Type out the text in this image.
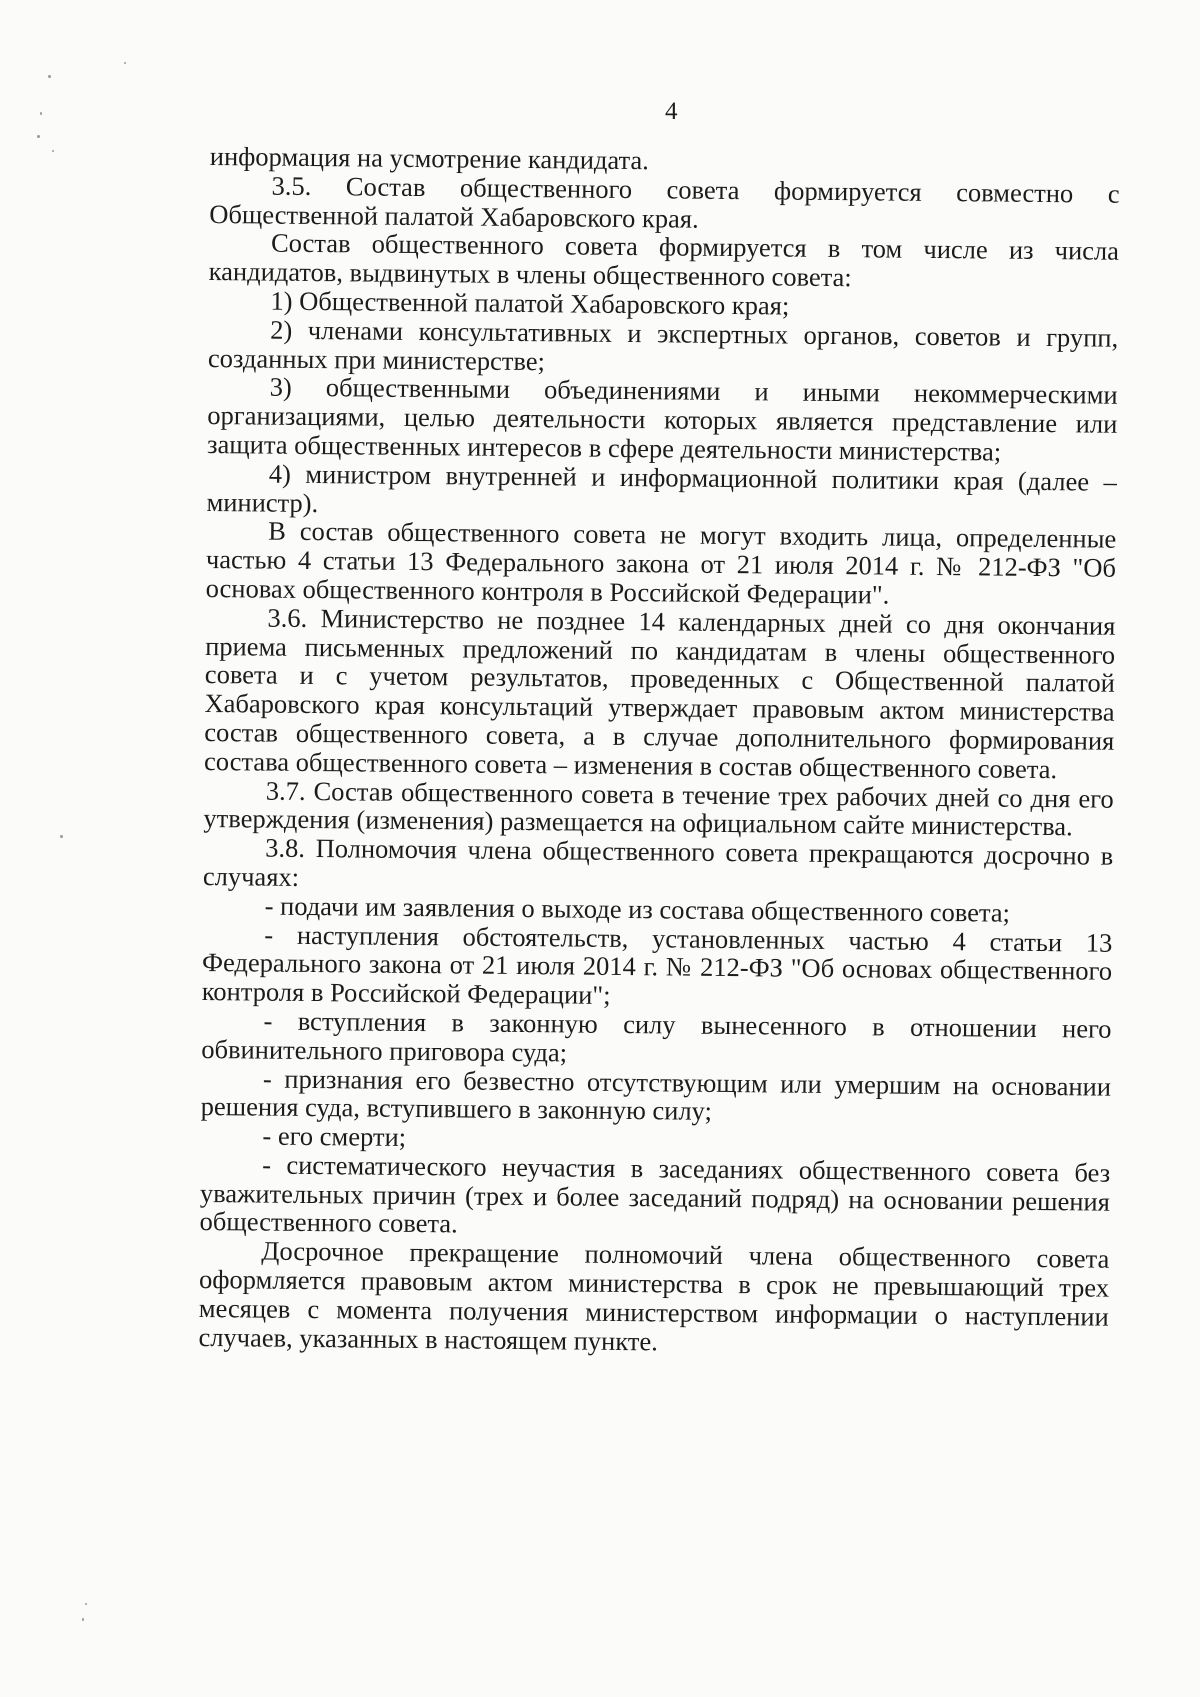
4

информация на усмотрение кандидата.

3.5. Состав общественного совета формируется совместно с Общественной палатой Хабаровского края.

Состав общественного совета формируется в том числе из числа кандидатов, выдвинутых в члены общественного совета:

1) Общественной палатой Хабаровского края;

2) членами консультативных и экспертных органов, советов и групп, созданных при министерстве;

3) общественными объединениями и иными некоммерческими организациями, целью деятельности которых является представление или защита общественных интересов в сфере деятельности министерства;

4) министром внутренней и информационной политики края (далее – министр).

В состав общественного совета не могут входить лица, определенные частью 4 статьи 13 Федерального закона от 21 июля 2014 г. № 212-ФЗ "Об основах общественного контроля в Российской Федерации".

3.6. Министерство не позднее 14 календарных дней со дня окончания приема письменных предложений по кандидатам в члены общественного совета и с учетом результатов, проведенных с Общественной палатой Хабаровского края консультаций утверждает правовым актом министерства состав общественного совета, а в случае дополнительного формирования состава общественного совета – изменения в состав общественного совета.

3.7. Состав общественного совета в течение трех рабочих дней со дня его утверждения (изменения) размещается на официальном сайте министерства.

3.8. Полномочия члена общественного совета прекращаются досрочно в случаях:

- подачи им заявления о выходе из состава общественного совета;

- наступления обстоятельств, установленных частью 4 статьи 13 Федерального закона от 21 июля 2014 г. № 212-ФЗ "Об основах общественного контроля в Российской Федерации";

- вступления в законную силу вынесенного в отношении него обвинительного приговора суда;

- признания его безвестно отсутствующим или умершим на основании решения суда, вступившего в законную силу;

- его смерти;

- систематического неучастия в заседаниях общественного совета без уважительных причин (трех и более заседаний подряд) на основании решения общественного совета.

Досрочное прекращение полномочий члена общественного совета оформляется правовым актом министерства в срок не превышающий трех месяцев с момента получения министерством информации о наступлении случаев, указанных в настоящем пункте.
